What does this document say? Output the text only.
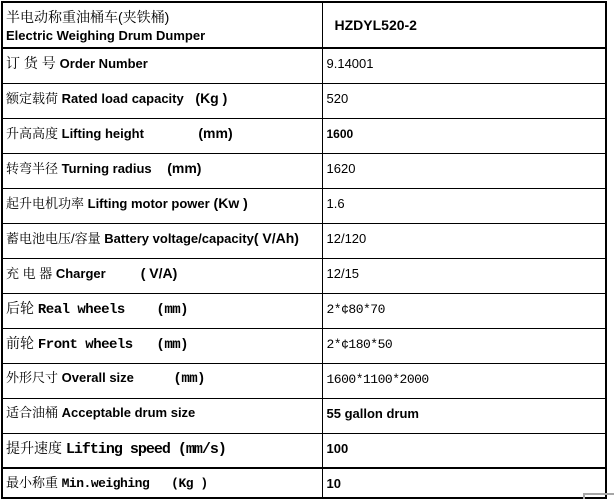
半电动称重油桶车(夹铁桶)
Electric Weighing Drum Dumper	HZDYL520-2

订 货 号 Order Number	9.14001

额定载荷 Rated load capacity   (Kg )	520

升高高度 Lifting height              (mm)	1600

转弯半径 Turning radius    (mm)	1620

起升电机功率 Lifting motor power (Kw )	1.6

蓄电池电压/容量 Battery voltage/capacity( V/Ah)	12/120

充 电 器 Charger         ( V/A)	12/15

后轮 Real wheels    (mm)	2*¢80*70

前轮 Front wheels   (mm)	2*¢180*50

外形尺寸 Overall size     (mm)	1600*1100*2000

适合油桶 Acceptable drum size	55 gallon drum

提升速度 Lifting speed (mm/s)	100

最小称重 Min.weighing   (Kg )	10
